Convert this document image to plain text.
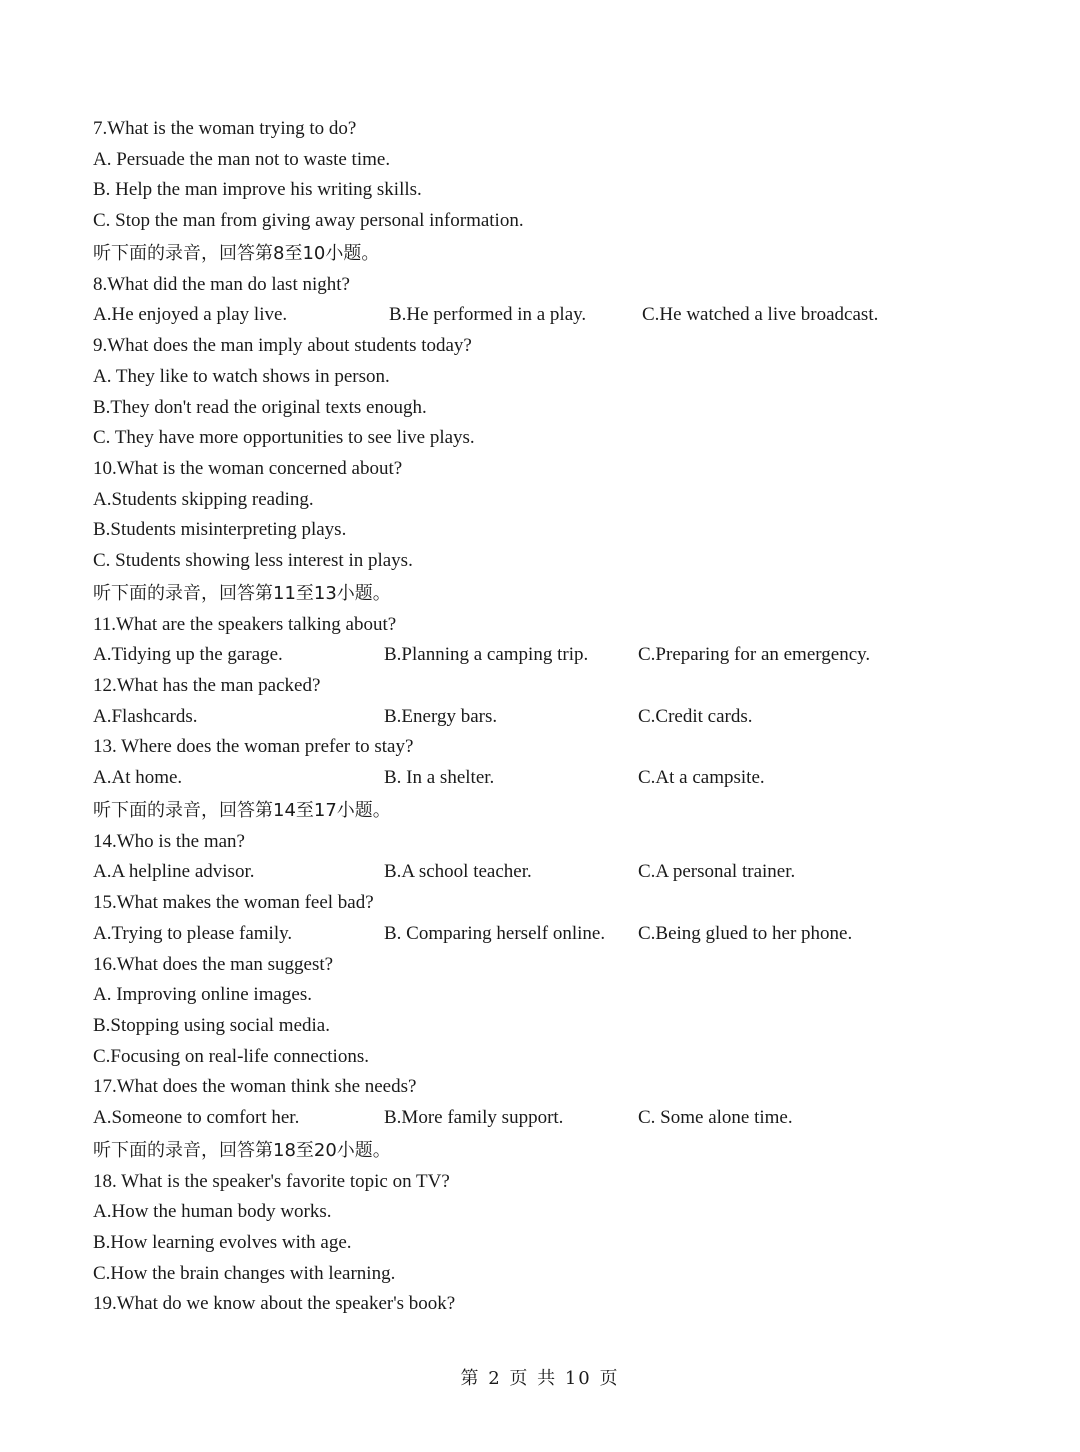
7.What is the woman trying to do?
A. Persuade the man not to waste time.
B. Help the man improve his writing skills.
C. Stop the man from giving away personal information.
听下面的录音，回答第8至10小题。
8.What did the man do last night?
A.He enjoyed a play live.	B.He performed in a play.	C.He watched a live broadcast.
9.What does the man imply about students today?
A. They like to watch shows in person.
B.They don't read the original texts enough.
C. They have more opportunities to see live plays.
10.What is the woman concerned about?
A.Students skipping reading.
B.Students misinterpreting plays.
C. Students showing less interest in plays.
听下面的录音，回答第11至13小题。
11.What are the speakers talking about?
A.Tidying up the garage.	B.Planning a camping trip.	C.Preparing for an emergency.
12.What has the man packed?
A.Flashcards.	B.Energy bars.	C.Credit cards.
13. Where does the woman prefer to stay?
A.At home.	B. In a shelter.	C.At a campsite.
听下面的录音，回答第14至17小题。
14.Who is the man?
A.A helpline advisor.	B.A school teacher.	C.A personal trainer.
15.What makes the woman feel bad?
A.Trying to please family.	B. Comparing herself online. C.Being glued to her phone.
16.What does the man suggest?
A. Improving online images.
B.Stopping using social media.
C.Focusing on real-life connections.
17.What does the woman think she needs?
A.Someone to comfort her.	B.More family support.	C. Some alone time.
听下面的录音，回答第18至20小题。
18. What is the speaker's favorite topic on TV?
A.How the human body works.
B.How learning evolves with age.
C.How the brain changes with learning.
19.What do we know about the speaker's book?
第 2 页 共 10 页
